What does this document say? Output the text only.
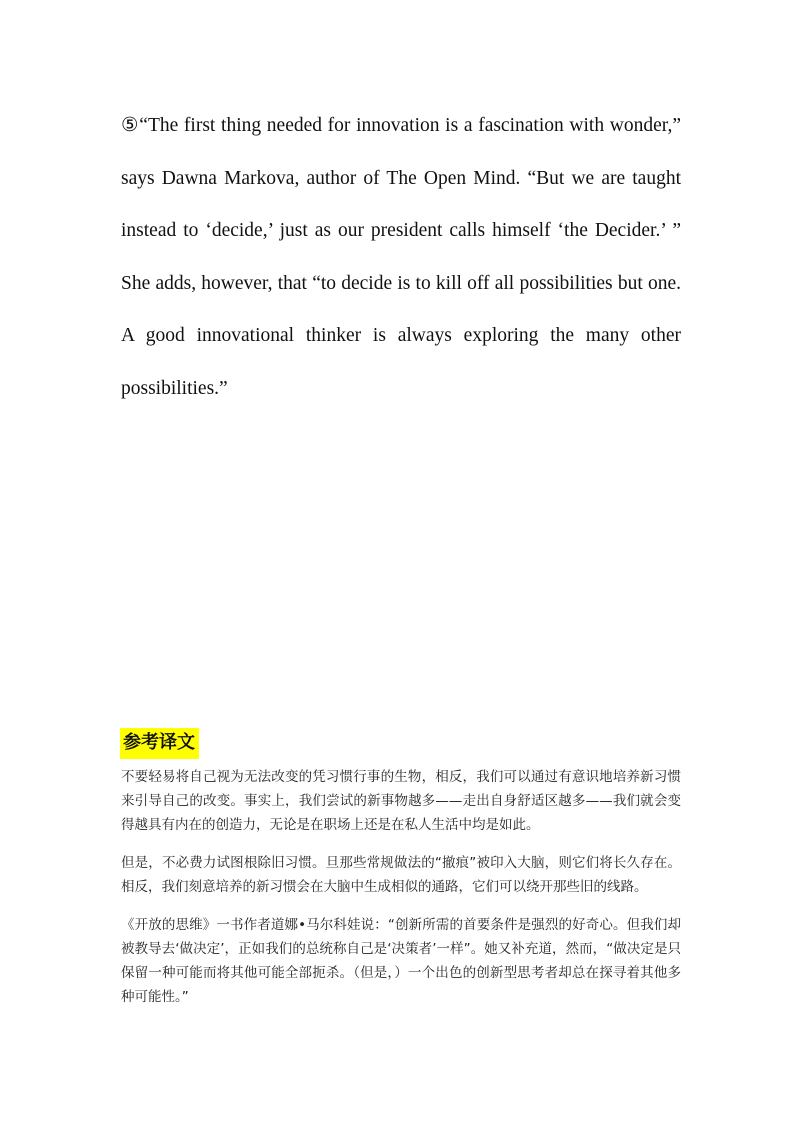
⑤“The first thing needed for innovation is a fascination with wonder,” says Dawna Markova, author of The Open Mind. “But we are taught instead to ‘decide,’ just as our president calls himself ‘the Decider.’ ” She adds, however, that “to decide is to kill off all possibilities but one. A good innovational thinker is always exploring the many other possibilities.”

参考译文

不要轻易将自己视为无法改变的凭习惯行事的生物，相反，我们可以通过有意识地培养新习惯来引导自己的改变。事实上，我们尝试的新事物越多——走出自身舒适区越多——我们就会变得越具有内在的创造力，无论是在职场上还是在私人生活中均是如此。

但是，不必费力试图根除旧习惯。旦那些常规做法的“撤痕”被印入大脑，则它们将长久存在。相反，我们刻意培养的新习惯会在大脑中生成相似的通路，它们可以绕开那些旧的线路。

《开放的思维》一书作者道娜•马尔科娃说：“创新所需的首要条件是强烈的好奇心。但我们却被教导去‘做决定’，正如我们的总统称自己是‘决策者’一样”。她又补充道，然而，“做决定是只保留一种可能而将其他可能全部扼杀。（但是，）一个出色的创新型思考者却总在探寻着其他多种可能性。”
